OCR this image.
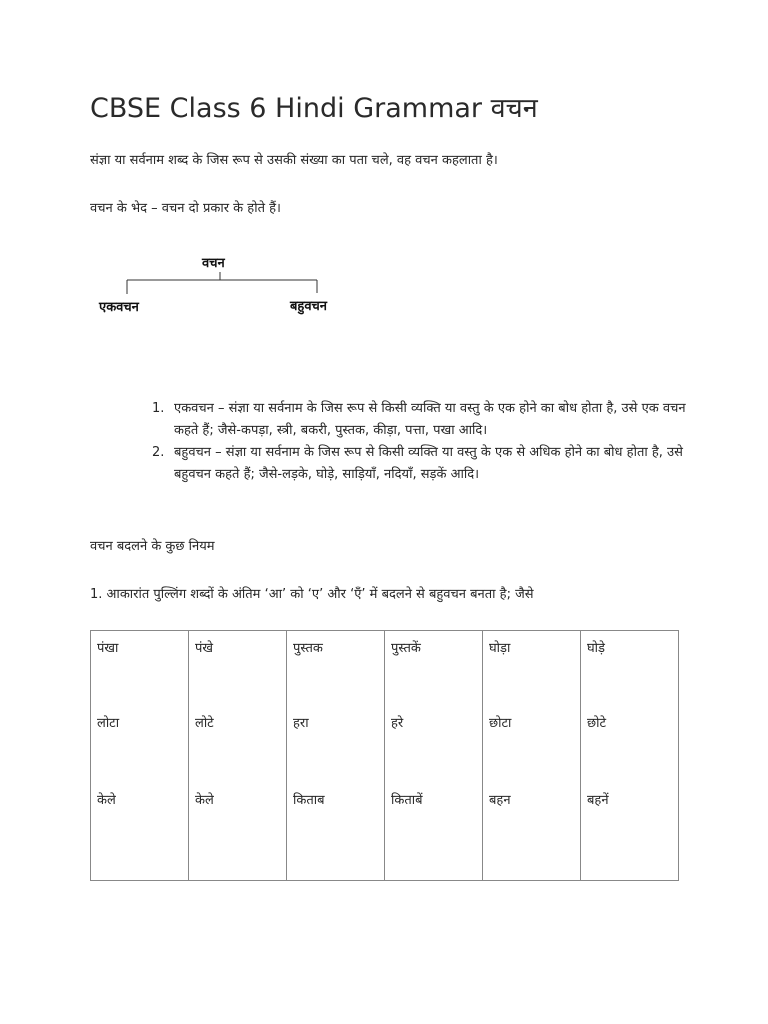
CBSE Class 6 Hindi Grammar वचन

संज्ञा या सर्वनाम शब्द के जिस रूप से उसकी संख्या का पता चले, वह वचन कहलाता है।

वचन के भेद – वचन दो प्रकार के होते हैं।

वचन
एकवचन	बहुवचन
1. एकवचन – संज्ञा या सर्वनाम के जिस रूप से किसी व्यक्ति या वस्तु के एक होने का बोध होता है, उसे एक वचन कहते हैं; जैसे-कपड़ा, स्त्री, बकरी, पुस्तक, कीड़ा, पत्ता, पखा आदि।
2. बहुवचन – संज्ञा या सर्वनाम के जिस रूप से किसी व्यक्ति या वस्तु के एक से अधिक होने का बोध होता है, उसे बहुवचन कहते हैं; जैसे-लड़के, घोड़े, साड़ियाँ, नदियाँ, सड़कें आदि।

वचन बदलने के कुछ नियम

1. आकारांत पुल्लिंग शब्दों के अंतिम ‘आ’ को ‘ए’ और ‘एँ’ में बदलने से बहुवचन बनता है; जैसे

पंखा	पंखे	पुस्तक	पुस्तकें	घोड़ा	घोड़े
लोटा	लोटे	हरा	हरे	छोटा	छोटे
केले	केले	किताब	किताबें	बहन	बहनें
